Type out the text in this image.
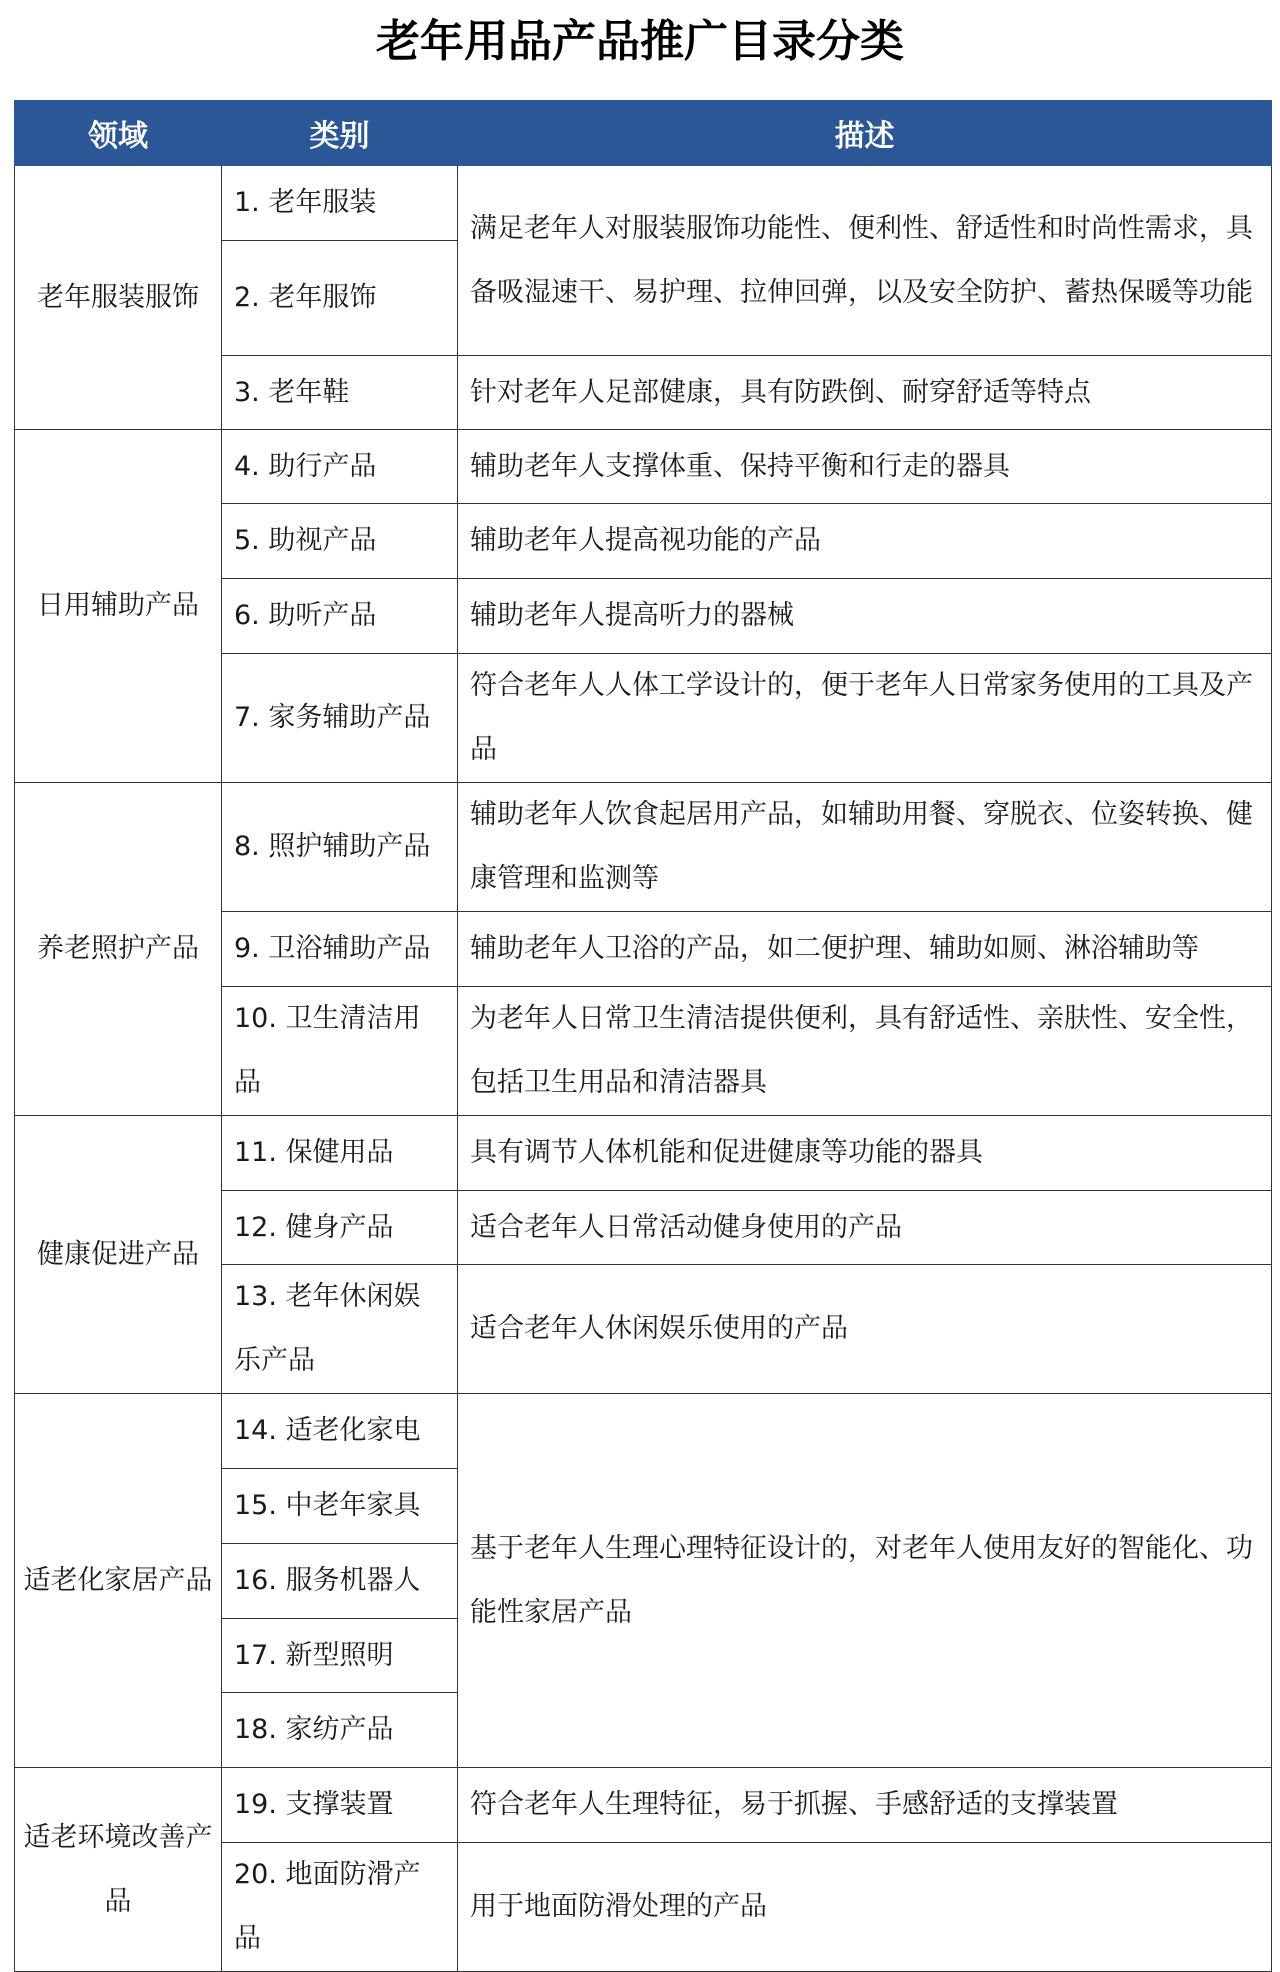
老年用品产品推广目录分类
领域	类别	描述
老年服装服饰	1. 老年服装	满足老年人对服装服饰功能性、便利性、舒适性和时尚性需求，具备吸湿速干、易护理、拉伸回弹，以及安全防护、蓄热保暖等功能
	2. 老年服饰	
	3. 老年鞋	针对老年人足部健康，具有防跌倒、耐穿舒适等特点
日用辅助产品	4. 助行产品	辅助老年人支撑体重、保持平衡和行走的器具
	5. 助视产品	辅助老年人提高视功能的产品
	6. 助听产品	辅助老年人提高听力的器械
	7. 家务辅助产品	符合老年人人体工学设计的，便于老年人日常家务使用的工具及产品
养老照护产品	8. 照护辅助产品	辅助老年人饮食起居用产品，如辅助用餐、穿脱衣、位姿转换、健康管理和监测等
	9. 卫浴辅助产品	辅助老年人卫浴的产品，如二便护理、辅助如厕、淋浴辅助等
	10. 卫生清洁用品	为老年人日常卫生清洁提供便利，具有舒适性、亲肤性、安全性，包括卫生用品和清洁器具
健康促进产品	11. 保健用品	具有调节人体机能和促进健康等功能的器具
	12. 健身产品	适合老年人日常活动健身使用的产品
	13. 老年休闲娱乐产品	适合老年人休闲娱乐使用的产品
适老化家居产品	14. 适老化家电	基于老年人生理心理特征设计的，对老年人使用友好的智能化、功能性家居产品
	15. 中老年家具	
	16. 服务机器人	
	17. 新型照明	
	18. 家纺产品	
适老环境改善产品	19. 支撑装置	符合老年人生理特征，易于抓握、手感舒适的支撑装置
	20. 地面防滑产品	用于地面防滑处理的产品
